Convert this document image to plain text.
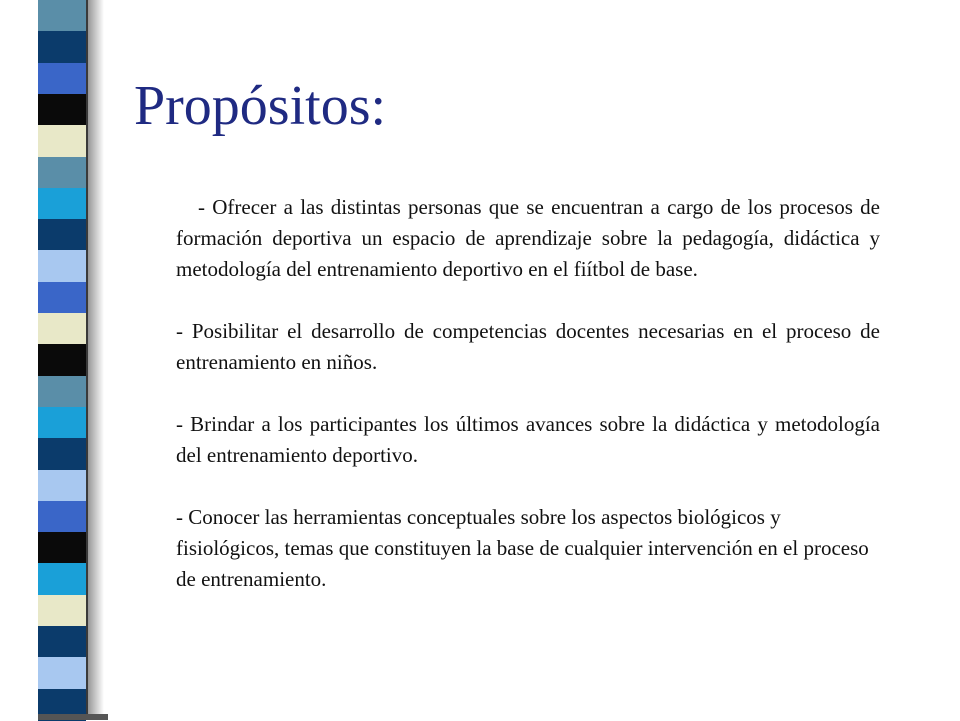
Propósitos:

- Ofrecer a las distintas personas que se encuentran a cargo de los procesos de formación deportiva un espacio de aprendizaje sobre la pedagogía, didáctica y metodología del entrenamiento deportivo en el fiítbol de base.

- Posibilitar el desarrollo de competencias docentes necesarias en el proceso de entrenamiento en niños.

- Brindar a los participantes los últimos avances sobre la didáctica y metodología del entrenamiento deportivo.

- Conocer las herramientas conceptuales sobre los aspectos biológicos y fisiológicos, temas que constituyen la base de cualquier intervención en el proceso de entrenamiento.
